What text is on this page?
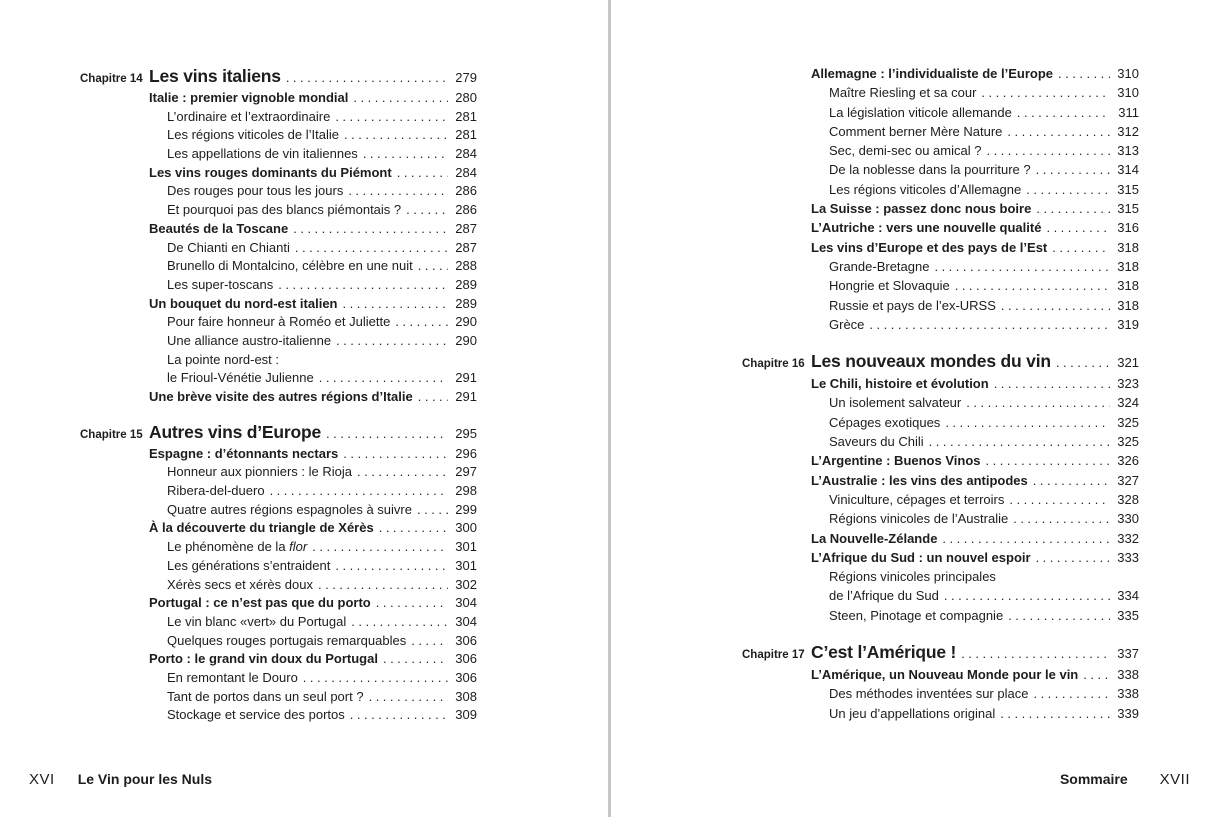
Chapitre 14 Les vins italiens .....	279
Italie : premier vignoble mondial .....	280
L’ordinaire et l’extraordinaire .....	281
Les régions viticoles de l’Italie .....	281
Les appellations de vin italiennes .....	284
Les vins rouges dominants du Piémont .....	284
Des rouges pour tous les jours .....	286
Et pourquoi pas des blancs piémontais ? .....	286
Beautés de la Toscane .....	287
De Chianti en Chianti .....	287
Brunello di Montalcino, célèbre en une nuit .....	288
Les super-toscans .....	289
Un bouquet du nord-est italien .....	289
Pour faire honneur à Roméo et Juliette .....	290
Une alliance austro-italienne .....	290
La pointe nord-est :
le Frioul-Vénétie Julienne .....	291
Une brève visite des autres régions d’Italie .....	291
Chapitre 15 Autres vins d’Europe .....	295
Espagne : d’étonnants nectars .....	296
Honneur aux pionniers : le Rioja .....	297
Ribera-del-duero .....	298
Quatre autres régions espagnoles à suivre .....	299
À la découverte du triangle de Xérès .....	300
Le phénomène de la flor .....	301
Les générations s’entraident .....	301
Xérès secs et xérès doux .....	302
Portugal : ce n’est pas que du porto .....	304
Le vin blanc «vert» du Portugal .....	304
Quelques rouges portugais remarquables .....	306
Porto : le grand vin doux du Portugal .....	306
En remontant le Douro .....	306
Tant de portos dans un seul port ? .....	308
Stockage et service des portos .....	309
Allemagne : l’individualiste de l’Europe .....	310
Maître Riesling et sa cour .....	310
La législation viticole allemande .....	311
Comment berner Mère Nature .....	312
Sec, demi-sec ou amical ? .....	313
De la noblesse dans la pourriture ? .....	314
Les régions viticoles d’Allemagne .....	315
La Suisse : passez donc nous boire .....	315
L’Autriche : vers une nouvelle qualité .....	316
Les vins d’Europe et des pays de l’Est .....	318
Grande-Bretagne .....	318
Hongrie et Slovaquie .....	318
Russie et pays de l’ex-URSS .....	318
Grèce .....	319
Chapitre 16 Les nouveaux mondes du vin .....	321
Le Chili, histoire et évolution .....	323
Un isolement salvateur .....	324
Cépages exotiques .....	325
Saveurs du Chili .....	325
L’Argentine : Buenos Vinos .....	326
L’Australie : les vins des antipodes .....	327
Viniculture, cépages et terroirs .....	328
Régions vinicoles de l’Australie .....	330
La Nouvelle-Zélande .....	332
L’Afrique du Sud : un nouvel espoir .....	333
Régions vinicoles principales
de l’Afrique du Sud .....	334
Steen, Pinotage et compagnie .....	335
Chapitre 17 C’est l’Amérique ! .....	337
L’Amérique, un Nouveau Monde pour le vin .....	338
Des méthodes inventées sur place .....	338
Un jeu d’appellations original .....	339
XVI Le Vin pour les Nuls	Sommaire XVII
